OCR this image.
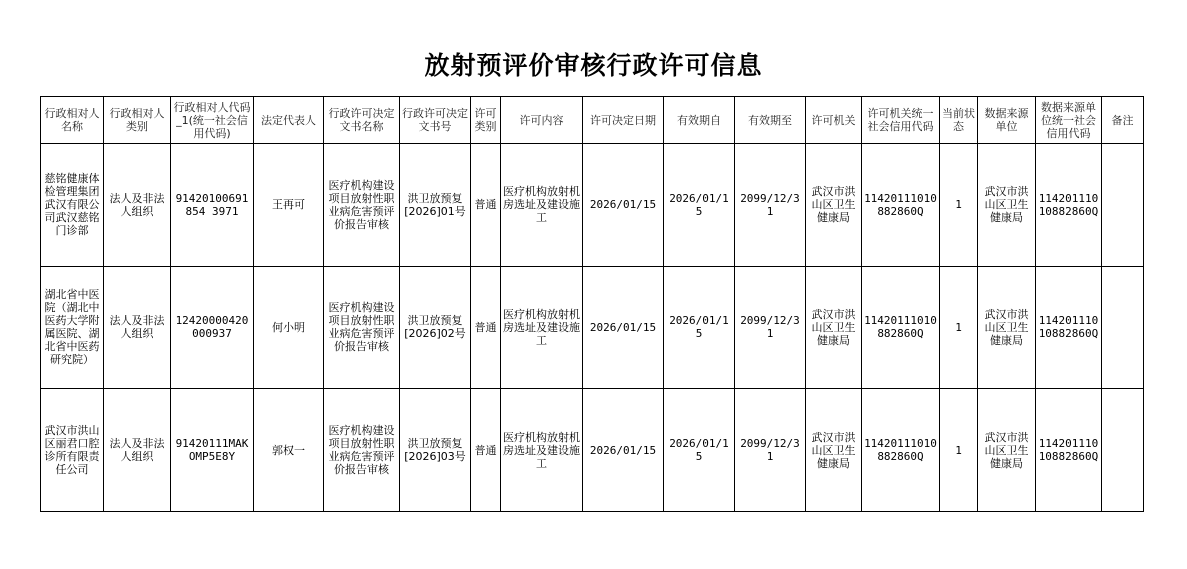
放射预评价审核行政许可信息
行政相对人名称	行政相对人类别	行政相对人代码_1(统一社会信用代码)	法定代表人	行政许可决定文书名称	行政许可决定文书号	许可类别	许可内容	许可决定日期	有效期自	有效期至	许可机关	许可机关统一社会信用代码	当前状态	数据来源单位	数据来源单位统一社会信用代码	备注
慈铭健康体检管理集团武汉有限公司武汉慈铭门诊部	法人及非法人组织	91420100691854 3971	王再可	医疗机构建设项目放射性职业病危害预评价报告审核	洪卫放预复[2026]01号	普通	医疗机构放射机房选址及建设施工	2026/01/15	2026/01/15	2099/12/31	武汉市洪山区卫生健康局	11420111010882860Q	1	武汉市洪山区卫生健康局	11420111010882860Q	
湖北省中医院（湖北中医药大学附属医院、湖北省中医药研究院）	法人及非法人组织	12420000420000937	何小明	医疗机构建设项目放射性职业病危害预评价报告审核	洪卫放预复[2026]02号	普通	医疗机构放射机房选址及建设施工	2026/01/15	2026/01/15	2099/12/31	武汉市洪山区卫生健康局	11420111010882860Q	1	武汉市洪山区卫生健康局	11420111010882860Q	
武汉市洪山区丽君口腔诊所有限责任公司	法人及非法人组织	91420111MAKOMP5E8Y	郭权一	医疗机构建设项目放射性职业病危害预评价报告审核	洪卫放预复[2026]03号	普通	医疗机构放射机房选址及建设施工	2026/01/15	2026/01/15	2099/12/31	武汉市洪山区卫生健康局	11420111010882860Q	1	武汉市洪山区卫生健康局	11420111010882860Q	
